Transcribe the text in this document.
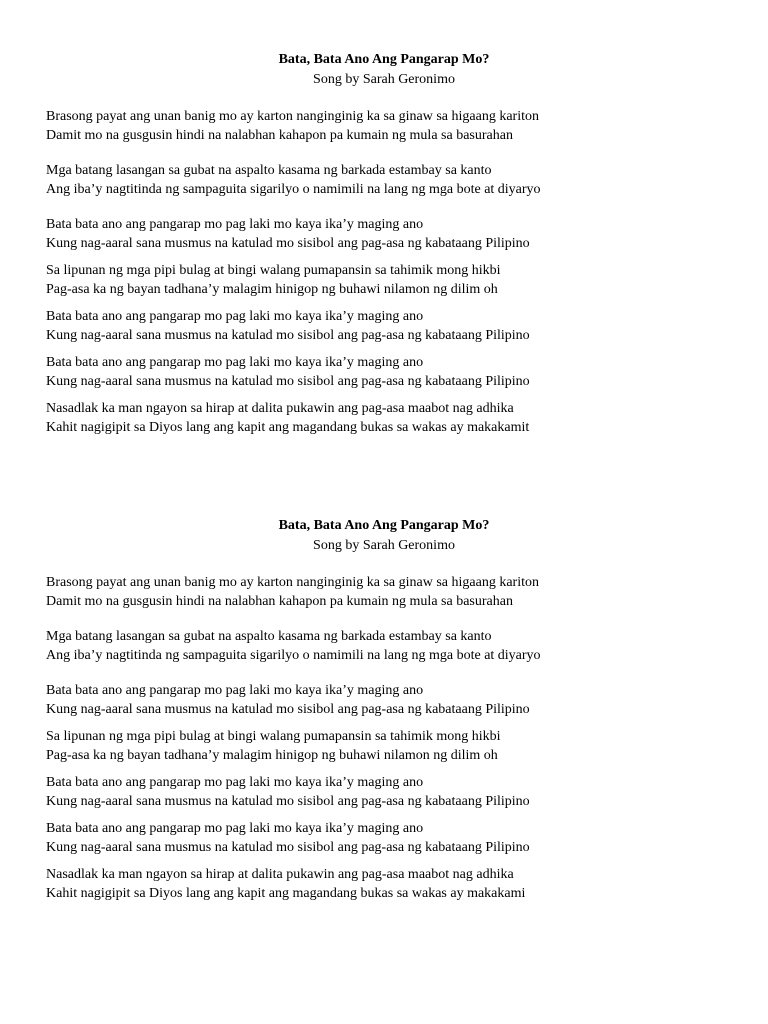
Bata, Bata Ano Ang Pangarap Mo?

Song by Sarah Geronimo

Brasong payat ang unan banig mo ay karton nanginginig ka sa ginaw sa higaang kariton
Damit mo na gusgusin hindi na nalabhan kahapon pa kumain ng mula sa basurahan

Mga batang lasangan sa gubat na aspalto kasama ng barkada estambay sa kanto
Ang iba’y nagtitinda ng sampaguita sigarilyo o namimili na lang ng mga bote at diyaryo

Bata bata ano ang pangarap mo pag laki mo kaya ika’y maging ano
Kung nag-aaral sana musmus na katulad mo sisibol ang pag-asa ng kabataang Pilipino

Sa lipunan ng mga pipi bulag at bingi walang pumapansin sa tahimik mong hikbi
Pag-asa ka ng bayan tadhana’y malagim hinigop ng buhawi nilamon ng dilim oh

Bata bata ano ang pangarap mo pag laki mo kaya ika’y maging ano
Kung nag-aaral sana musmus na katulad mo sisibol ang pag-asa ng kabataang Pilipino

Bata bata ano ang pangarap mo pag laki mo kaya ika’y maging ano
Kung nag-aaral sana musmus na katulad mo sisibol ang pag-asa ng kabataang Pilipino

Nasadlak ka man ngayon sa hirap at dalita pukawin ang pag-asa maabot nag adhika
Kahit nagigipit sa Diyos lang ang kapit ang magandang bukas sa wakas ay makakamit

Bata, Bata Ano Ang Pangarap Mo?

Song by Sarah Geronimo

Brasong payat ang unan banig mo ay karton nanginginig ka sa ginaw sa higaang kariton
Damit mo na gusgusin hindi na nalabhan kahapon pa kumain ng mula sa basurahan

Mga batang lasangan sa gubat na aspalto kasama ng barkada estambay sa kanto
Ang iba’y nagtitinda ng sampaguita sigarilyo o namimili na lang ng mga bote at diyaryo

Bata bata ano ang pangarap mo pag laki mo kaya ika’y maging ano
Kung nag-aaral sana musmus na katulad mo sisibol ang pag-asa ng kabataang Pilipino

Sa lipunan ng mga pipi bulag at bingi walang pumapansin sa tahimik mong hikbi
Pag-asa ka ng bayan tadhana’y malagim hinigop ng buhawi nilamon ng dilim oh

Bata bata ano ang pangarap mo pag laki mo kaya ika’y maging ano
Kung nag-aaral sana musmus na katulad mo sisibol ang pag-asa ng kabataang Pilipino

Bata bata ano ang pangarap mo pag laki mo kaya ika’y maging ano
Kung nag-aaral sana musmus na katulad mo sisibol ang pag-asa ng kabataang Pilipino

Nasadlak ka man ngayon sa hirap at dalita pukawin ang pag-asa maabot nag adhika
Kahit nagigipit sa Diyos lang ang kapit ang magandang bukas sa wakas ay makakami
